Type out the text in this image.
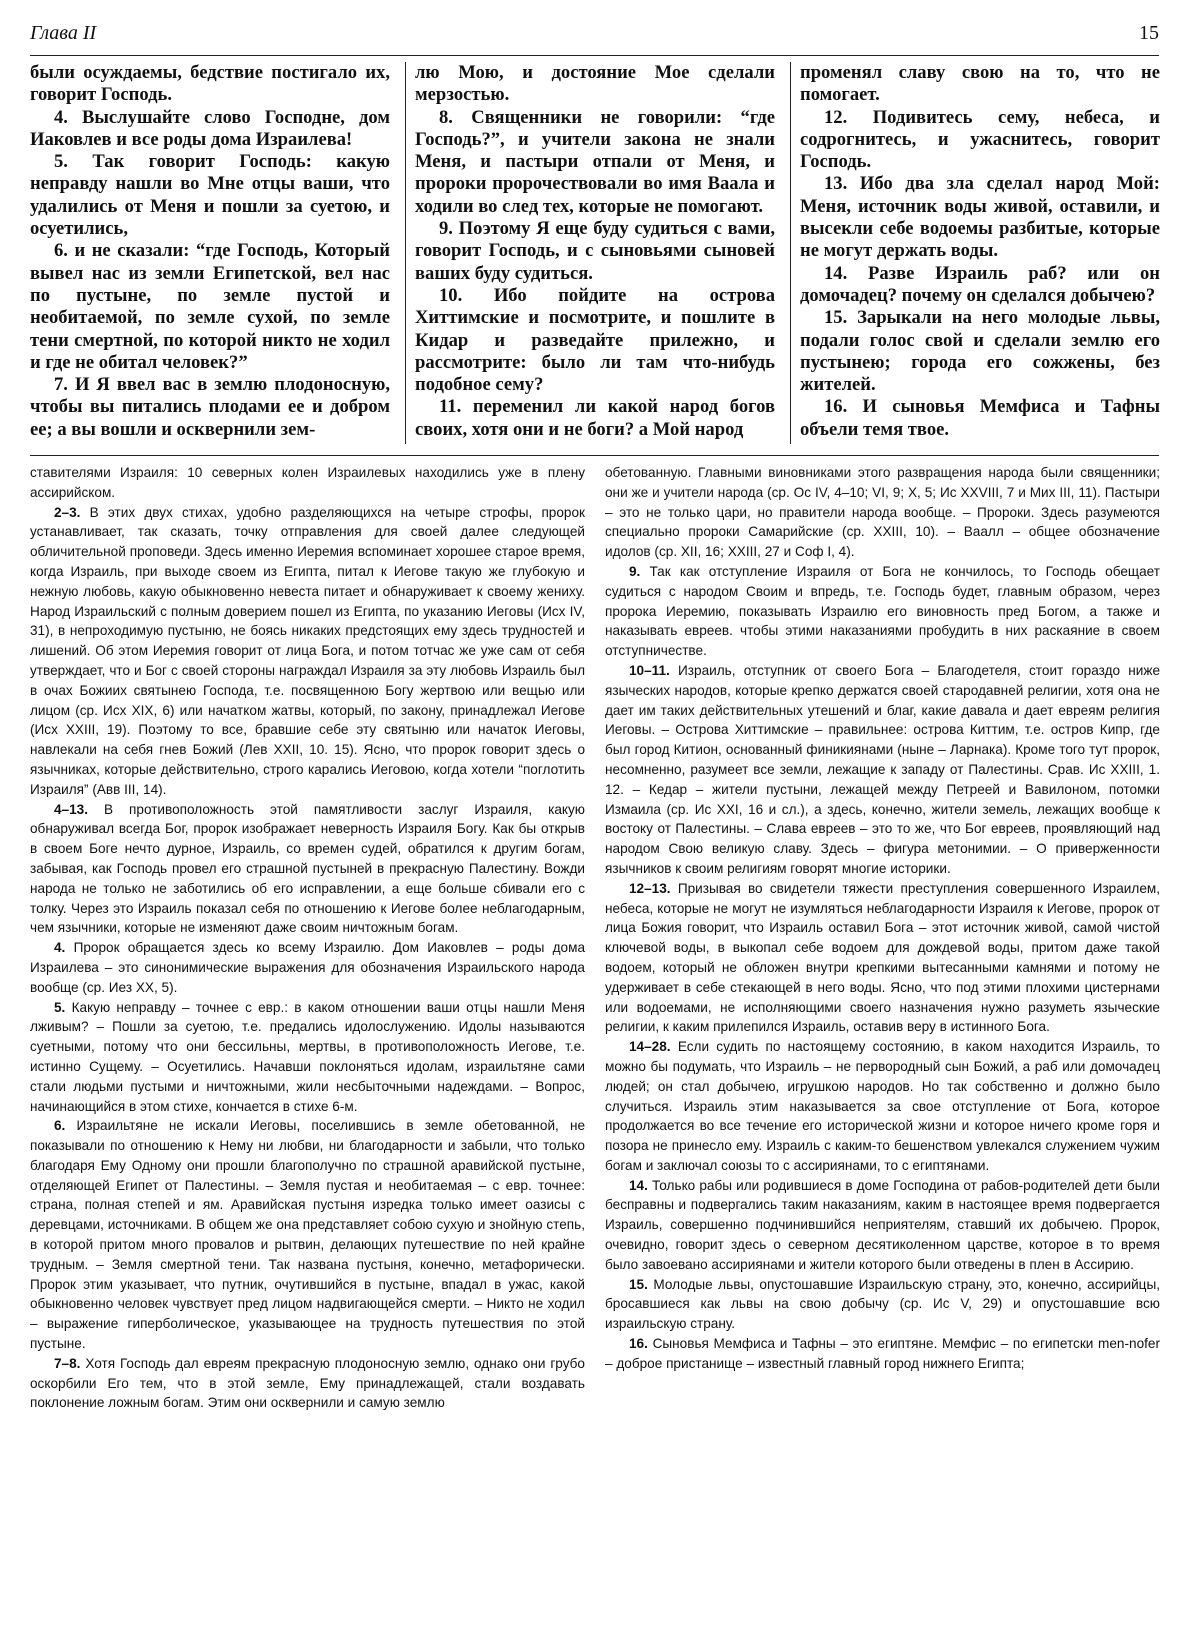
Глава II	15

были осуждаемы, бедствие постигало их, говорит Господь.

4. Выслушайте слово Господне, дом Иаковлев и все роды дома Израилева!

5. Так говорит Господь: какую неправду нашли во Мне отцы ваши, что удалились от Меня и пошли за суетою, и осуетились,

6. и не сказали: “где Господь, Который вывел нас из земли Египетской, вел нас по пустыне, по земле пустой и необитаемой, по земле сухой, по земле тени смертной, по которой никто не ходил и где не обитал человек?”

7. И Я ввел вас в землю плодоносную, чтобы вы питались плодами ее и добром ее; а вы вошли и осквернили зем-

лю Мою, и достояние Мое сделали мерзостью.

8. Священники не говорили: “где Господь?”, и учители закона не знали Меня, и пастыри отпали от Меня, и пророки пророчествовали во имя Ваала и ходили во след тех, которые не помогают.

9. Поэтому Я еще буду судиться с вами, говорит Господь, и с сыновьями сыновей ваших буду судиться.

10. Ибо пойдите на острова Хиттимские и посмотрите, и пошлите в Кидар и разведайте прилежно, и рассмотрите: было ли там что-нибудь подобное сему?

11. переменил ли какой народ богов своих, хотя они и не боги? а Мой народ

променял славу свою на то, что не помогает.

12. Подивитесь сему, небеса, и содрогнитесь, и ужаснитесь, говорит Господь.

13. Ибо два зла сделал народ Мой: Меня, источник воды живой, оставили, и высекли себе водоемы разбитые, которые не могут держать воды.

14. Разве Израиль раб? или он домочадец? почему он сделался добычею?

15. Зарыкали на него молодые львы, подали голос свой и сделали землю его пустынею; города его сожжены, без жителей.

16. И сыновья Мемфиса и Тафны объели темя твое.

ставителями Израиля: 10 северных колен Израилевых находились уже в плену ассирийском.

2–3. В этих двух стихах, удобно разделяющихся на четыре строфы, пророк устанавливает, так сказать, точку отправления для своей далее следующей обличительной проповеди. Здесь именно Иеремия вспоминает хорошее старое время, когда Израиль, при выходе своем из Египта, питал к Иегове такую же глубокую и нежную любовь, какую обыкновенно невеста питает и обнаруживает к своему жениху. Народ Израильский с полным доверием пошел из Египта, по указанию Иеговы (Исх IV, 31), в непроходимую пустыню, не боясь никаких предстоящих ему здесь трудностей и лишений. Об этом Иеремия говорит от лица Бога, и потом тотчас же уже сам от себя утверждает, что и Бог с своей стороны награждал Израиля за эту любовь Израиль был в очах Божиих святынею Господа, т.е. посвященною Богу жертвою или вещью или лицом (ср. Исх XIX, 6) или начатком жатвы, который, по закону, принадлежал Иегове (Исх XXIII, 19). Поэтому то все, бравшие себе эту святыню или начаток Иеговы, навлекали на себя гнев Божий (Лев XXII, 10. 15). Ясно, что пророк говорит здесь о язычниках, которые действительно, строго карались Иеговою, когда хотели “поглотить Израиля” (Авв III, 14).

4–13. В противоположность этой памятливости заслуг Израиля, какую обнаруживал всегда Бог, пророк изображает неверность Израиля Богу. Как бы открыв в своем Боге нечто дурное, Израиль, со времен судей, обратился к другим богам, забывая, как Господь провел его страшной пустыней в прекрасную Палестину. Вожди народа не только не заботились об его исправлении, а еще больше сбивали его с толку. Через это Израиль показал себя по отношению к Иегове более неблагодарным, чем язычники, которые не изменяют даже своим ничтожным богам.

4. Пророк обращается здесь ко всему Израилю. Дом Иаковлев – роды дома Израилева – это синонимические выражения для обозначения Израильского народа вообще (ср. Иез XX, 5).

5. Какую неправду – точнее с евр.: в каком отношении ваши отцы нашли Меня лживым? – Пошли за суетою, т.е. предались идолослужению. Идолы называются суетными, потому что они бессильны, мертвы, в противоположность Иегове, т.е. истинно Сущему. – Осуетились. Начавши поклоняться идолам, израильтяне сами стали людьми пустыми и ничтожными, жили несбыточными надеждами. – Вопрос, начинающийся в этом стихе, кончается в стихе 6-м.

6. Израильтяне не искали Иеговы, поселившись в земле обетованной, не показывали по отношению к Нему ни любви, ни благодарности и забыли, что только благодаря Ему Одному они прошли благополучно по страшной аравийской пустыне, отделяющей Египет от Палестины. – Земля пустая и необитаемая – с евр. точнее: страна, полная степей и ям. Аравийская пустыня изредка только имеет оазисы с деревцами, источниками. В общем же она представляет собою сухую и знойную степь, в которой притом много провалов и рытвин, делающих путешествие по ней крайне трудным. – Земля смертной тени. Так названа пустыня, конечно, метафорически. Пророк этим указывает, что путник, очутившийся в пустыне, впадал в ужас, какой обыкновенно человек чувствует пред лицом надвигающейся смерти. – Никто не ходил – выражение гиперболическое, указывающее на трудность путешествия по этой пустыне.

7–8. Хотя Господь дал евреям прекрасную плодоносную землю, однако они грубо оскорбили Его тем, что в этой земле, Ему принадлежащей, стали воздавать поклонение ложным богам. Этим они осквернили и самую землю

обетованную. Главными виновниками этого развращения народа были священники; они же и учители народа (ср. Ос IV, 4–10; VI, 9; X, 5; Ис XXVIII, 7 и Мих III, 11). Пастыри – это не только цари, но правители народа вообще. – Пророки. Здесь разумеются специально пророки Самарийские (ср. XXIII, 10). – Ваалл – общее обозначение идолов (ср. XII, 16; XXIII, 27 и Соф I, 4).

9. Так как отступление Израиля от Бога не кончилось, то Господь обещает судиться с народом Своим и впредь, т.е. Господь будет, главным образом, через пророка Иеремию, показывать Израилю его виновность пред Богом, а также и наказывать евреев. чтобы этими наказаниями пробудить в них раскаяние в своем отступничестве.

10–11. Израиль, отступник от своего Бога – Благодетеля, стоит гораздо ниже языческих народов, которые крепко держатся своей стародавней религии, хотя она не дает им таких действительных утешений и благ, какие давала и дает евреям религия Иеговы. – Острова Хиттимские – правильнее: острова Киттим, т.е. остров Кипр, где был город Китион, основанный финикиянами (ныне – Ларнака). Кроме того тут пророк, несомненно, разумеет все земли, лежащие к западу от Палестины. Срав. Ис XXIII, 1. 12. – Кедар – жители пустыни, лежащей между Петреей и Вавилоном, потомки Измаила (ср. Ис XXI, 16 и сл.), а здесь, конечно, жители земель, лежащих вообще к востоку от Палестины. – Слава евреев – это то же, что Бог евреев, проявляющий над народом Свою великую славу. Здесь – фигура метонимии. – О приверженности язычников к своим религиям говорят многие историки.

12–13. Призывая во свидетели тяжести преступления совершенного Израилем, небеса, которые не могут не изумляться неблагодарности Израиля к Иегове, пророк от лица Божия говорит, что Израиль оставил Бога – этот источник живой, самой чистой ключевой воды, в выкопал себе водоем для дождевой воды, притом даже такой водоем, который не обложен внутри крепкими вытесанными камнями и потому не удерживает в себе стекающей в него воды. Ясно, что под этими плохими цистернами или водоемами, не исполняющими своего назначения нужно разуметь языческие религии, к каким прилепился Израиль, оставив веру в истинного Бога.

14–28. Если судить по настоящему состоянию, в каком находится Израиль, то можно бы подумать, что Израиль – не первородный сын Божий, а раб или домочадец людей; он стал добычею, игрушкою народов. Но так собственно и должно было случиться. Израиль этим наказывается за свое отступление от Бога, которое продолжается во все течение его исторической жизни и которое ничего кроме горя и позора не принесло ему. Израиль с каким-то бешенством увлекался служением чужим богам и заключал союзы то с ассириянами, то с египтянами.

14. Только рабы или родившиеся в доме Господина от рабов-родителей дети были бесправны и подвергались таким наказаниям, каким в настоящее время подвергается Израиль, совершенно подчинившийся неприятелям, ставший их добычею. Пророк, очевидно, говорит здесь о северном десятиколенном царстве, которое в то время было завоевано ассириянами и жители которого были отведены в плен в Ассирию.

15. Молодые львы, опустошавшие Израильскую страну, это, конечно, ассирийцы, бросавшиеся как львы на свою добычу (ср. Ис V, 29) и опустошавшие всю израильскую страну.

16. Сыновья Мемфиса и Тафны – это египтяне. Мемфис – по египетски men-nofer – доброе пристанище – известный главный город нижнего Египта;
